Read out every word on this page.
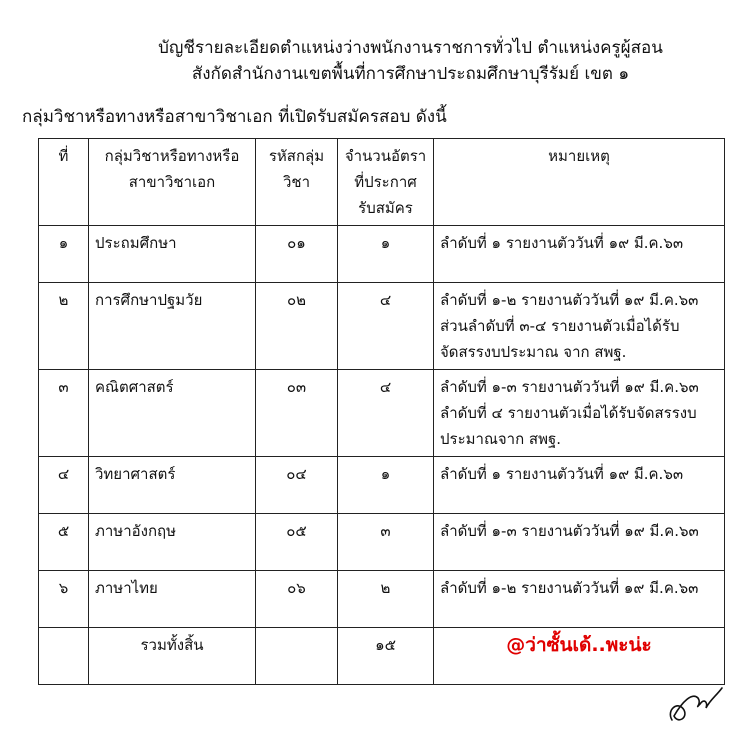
บัญชีรายละเอียดตำแหน่งว่างพนักงานราชการทั่วไป ตำแหน่งครูผู้สอน
สังกัดสำนักงานเขตพื้นที่การศึกษาประถมศึกษาบุรีรัมย์ เขต ๑
กลุ่มวิชาหรือทางหรือสาขาวิชาเอก ที่เปิดรับสมัครสอบ ดังนี้
ที่	กลุ่มวิชาหรือทางหรือ สาขาวิชาเอก	รหัสกลุ่ม วิชา	จำนวนอัตรา ที่ประกาศ รับสมัคร	หมายเหตุ
๑	ประถมศึกษา	๐๑	๑	ลำดับที่ ๑ รายงานตัววันที่ ๑๙ มี.ค.๖๓
๒	การศึกษาปฐมวัย	๐๒	๔	ลำดับที่ ๑-๒ รายงานตัววันที่ ๑๙ มี.ค.๖๓ ส่วนลำดับที่ ๓-๔ รายงานตัวเมื่อได้รับจัดสรรงบประมาณ จาก สพฐ.
๓	คณิตศาสตร์	๐๓	๔	ลำดับที่ ๑-๓ รายงานตัววันที่ ๑๙ มี.ค.๖๓ ลำดับที่ ๔ รายงานตัวเมื่อได้รับจัดสรรงบประมาณจาก สพฐ.
๔	วิทยาศาสตร์	๐๔	๑	ลำดับที่ ๑ รายงานตัววันที่ ๑๙ มี.ค.๖๓
๕	ภาษาอังกฤษ	๐๕	๓	ลำดับที่ ๑-๓ รายงานตัววันที่ ๑๙ มี.ค.๖๓
๖	ภาษาไทย	๐๖	๒	ลำดับที่ ๑-๒ รายงานตัววันที่ ๑๙ มี.ค.๖๓
	รวมทั้งสิ้น		๑๕	@ว่าซั้นเด้..พะน่ะ
